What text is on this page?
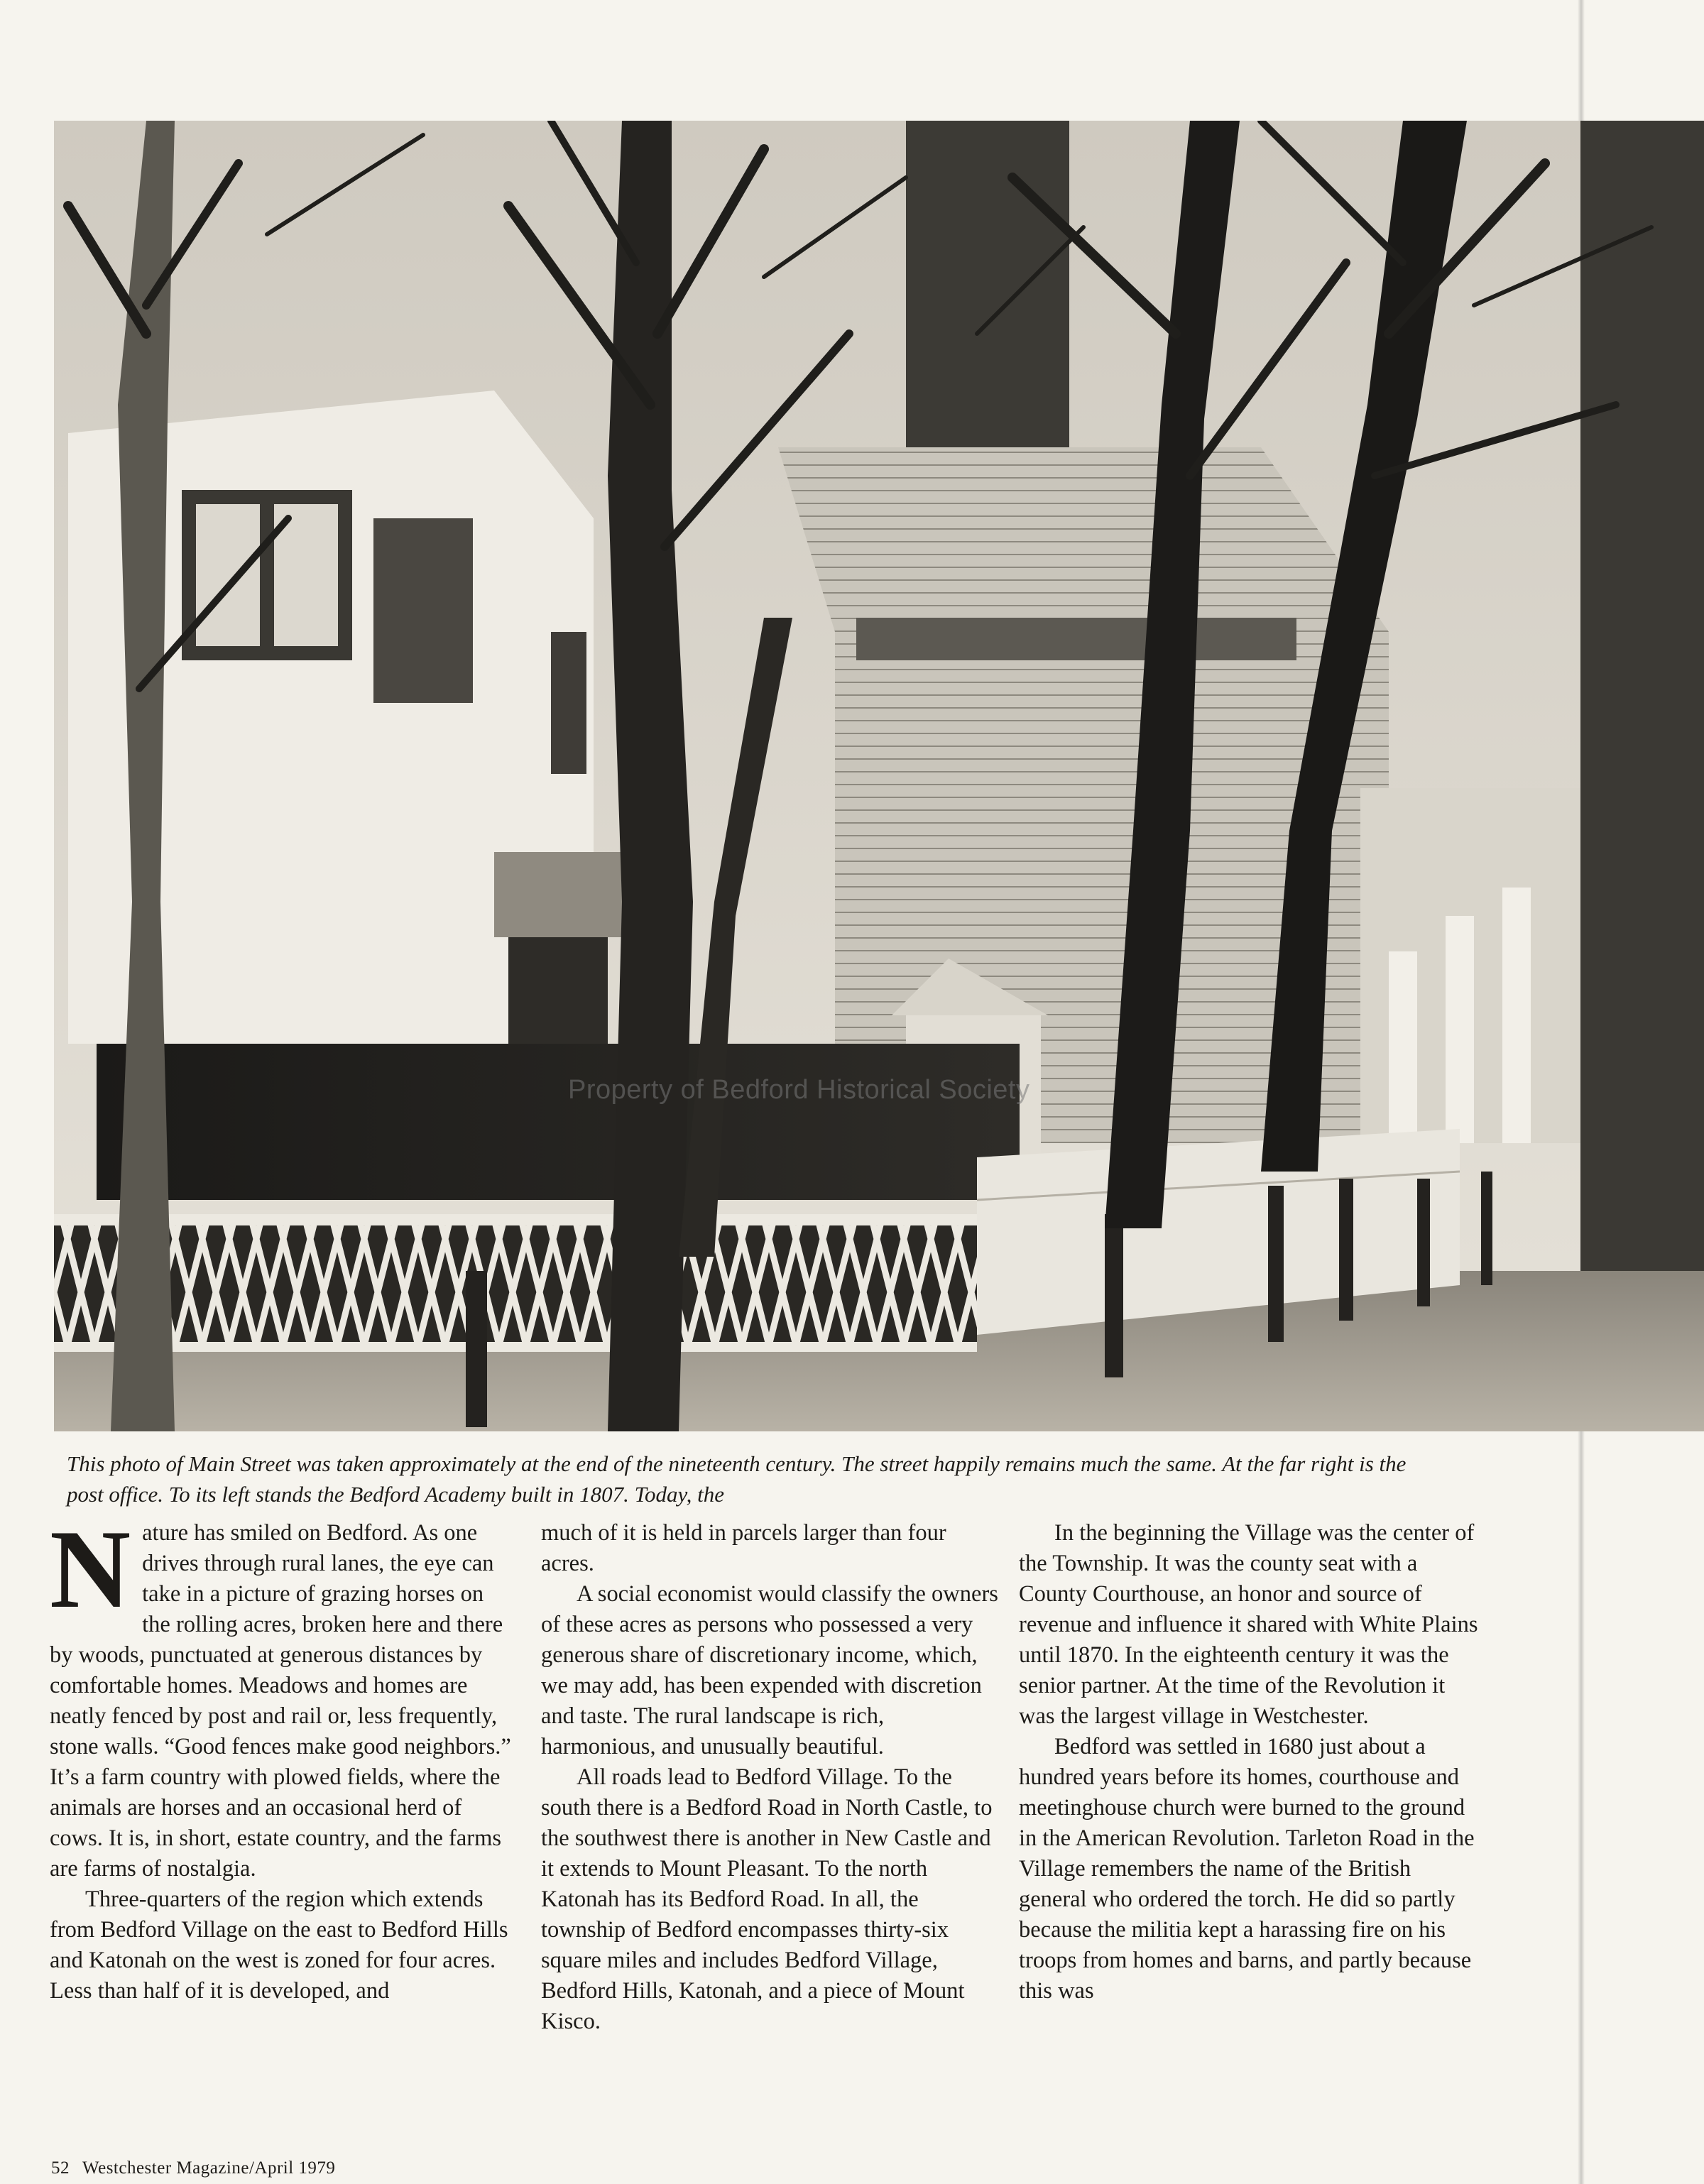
Property of Bedford Historical Society
This photo of Main Street was taken approximately at the end of the nineteenth century. The street happily remains much the same. At the far right is the post office. To its left stands the Bedford Academy built in 1807. Today, the
N ature has smiled on Bedford. As one drives through rural lanes, the eye can take in a picture of grazing horses on the rolling acres, broken here and there by woods, punctuated at generous distances by comfortable homes. Meadows and homes are neatly fenced by post and rail or, less frequently, stone walls. “Good fences make good neighbors.” It’s a farm country with plowed fields, where the animals are horses and an occasional herd of cows. It is, in short, estate country, and the farms are farms of nostalgia.

Three-quarters of the region which extends from Bedford Village on the east to Bedford Hills and Katonah on the west is zoned for four acres. Less than half of it is developed, and

much of it is held in parcels larger than four acres.

A social economist would classify the owners of these acres as persons who possessed a very generous share of discretionary income, which, we may add, has been expended with discretion and taste. The rural landscape is rich, harmonious, and unusually beautiful.

All roads lead to Bedford Village. To the south there is a Bedford Road in North Castle, to the southwest there is another in New Castle and it extends to Mount Pleasant. To the north Katonah has its Bedford Road. In all, the township of Bedford encompasses thirty-six square miles and includes Bedford Village, Bedford Hills, Katonah, and a piece of Mount Kisco.

In the beginning the Village was the center of the Township. It was the county seat with a County Courthouse, an honor and source of revenue and influence it shared with White Plains until 1870. In the eighteenth century it was the senior partner. At the time of the Revolution it was the largest village in Westchester.

Bedford was settled in 1680 just about a hundred years before its homes, courthouse and meetinghouse church were burned to the ground in the American Revolution. Tarleton Road in the Village remembers the name of the British general who ordered the torch. He did so partly because the militia kept a harassing fire on his troops from homes and barns, and partly because this was

52 Westchester Magazine/April 1979
